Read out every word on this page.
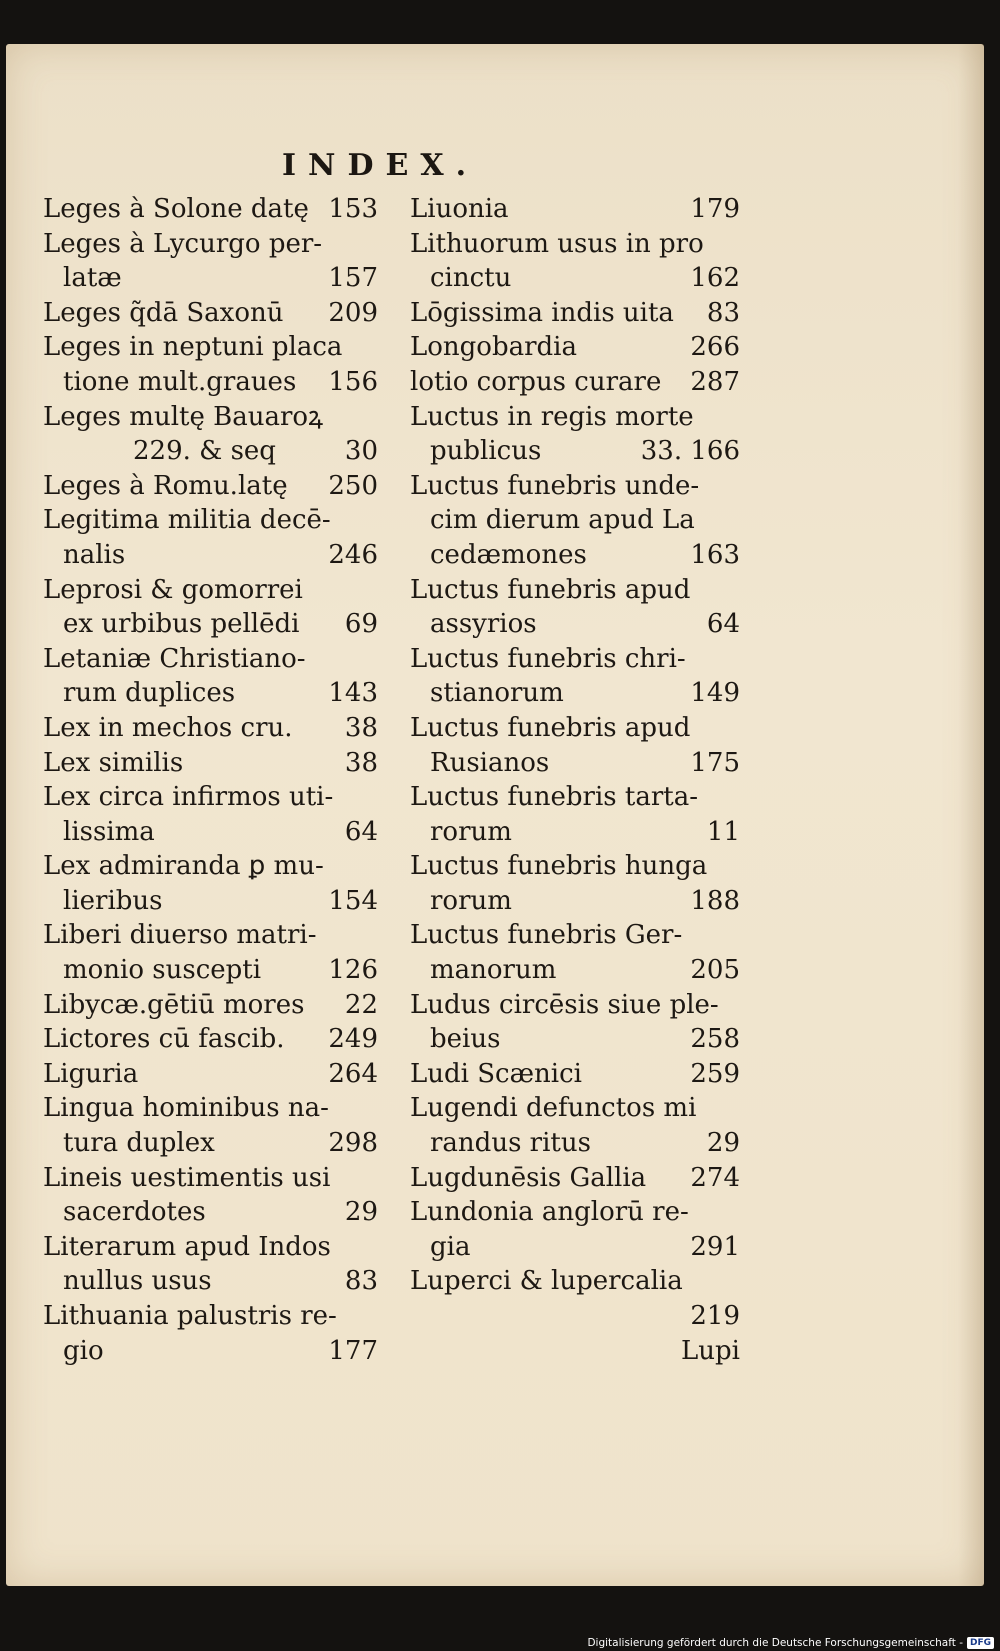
INDEX.
Leges à Solone datę 153
Leges à Lycurgo per-
latæ	157
Leges q̃dā Saxonū	209
Leges in neptuni placa
tione mult.graues	156
Leges multę Bauaroꝝ
229. & seq	30
Leges à Romu.latę	250
Legitima militia decē-
nalis	246
Leprosi & gomorrei
ex urbibus pellēdi	69
Letaniæ Christiano-
rum duplices	143
Lex in mechos cru.	38
Lex similis	38
Lex circa infirmos uti-
lissima	64
Lex admiranda ꝑ mu-
lieribus	154
Liberi diuerso matri-
monio suscepti	126
Libycæ.gētiū mores	22
Lictores cū fascib.	249
Liguria	264
Lingua hominibus na-
tura duplex	298
Lineis uestimentis usi
sacerdotes	29
Literarum apud Indos
nullus usus	83
Lithuania palustris re-
gio	177
Liuonia	179
Lithuorum usus in pro
cinctu	162
Lōgissima indis uita	83
Longobardia	266
lotio corpus curare	287
Luctus in regis morte
publicus	33. 166
Luctus funebris unde-
cim dierum apud La
cedæmones	163
Luctus funebris apud
assyrios	64
Luctus funebris chri-
stianorum	149
Luctus funebris apud
Rusianos	175
Luctus funebris tarta-
rorum	11
Luctus funebris hunga
rorum	188
Luctus funebris Ger-
manorum	205
Ludus circēsis siue ple-
beius	258
Ludi Scænici	259
Lugendi defunctos mi
randus ritus	29
Lugdunēsis Gallia	274
Lundonia anglorū re-
gia	291
Luperci & lupercalia
219
Lupi
Digitalisierung gefördert durch die Deutsche Forschungsgemeinschaft - DFG
